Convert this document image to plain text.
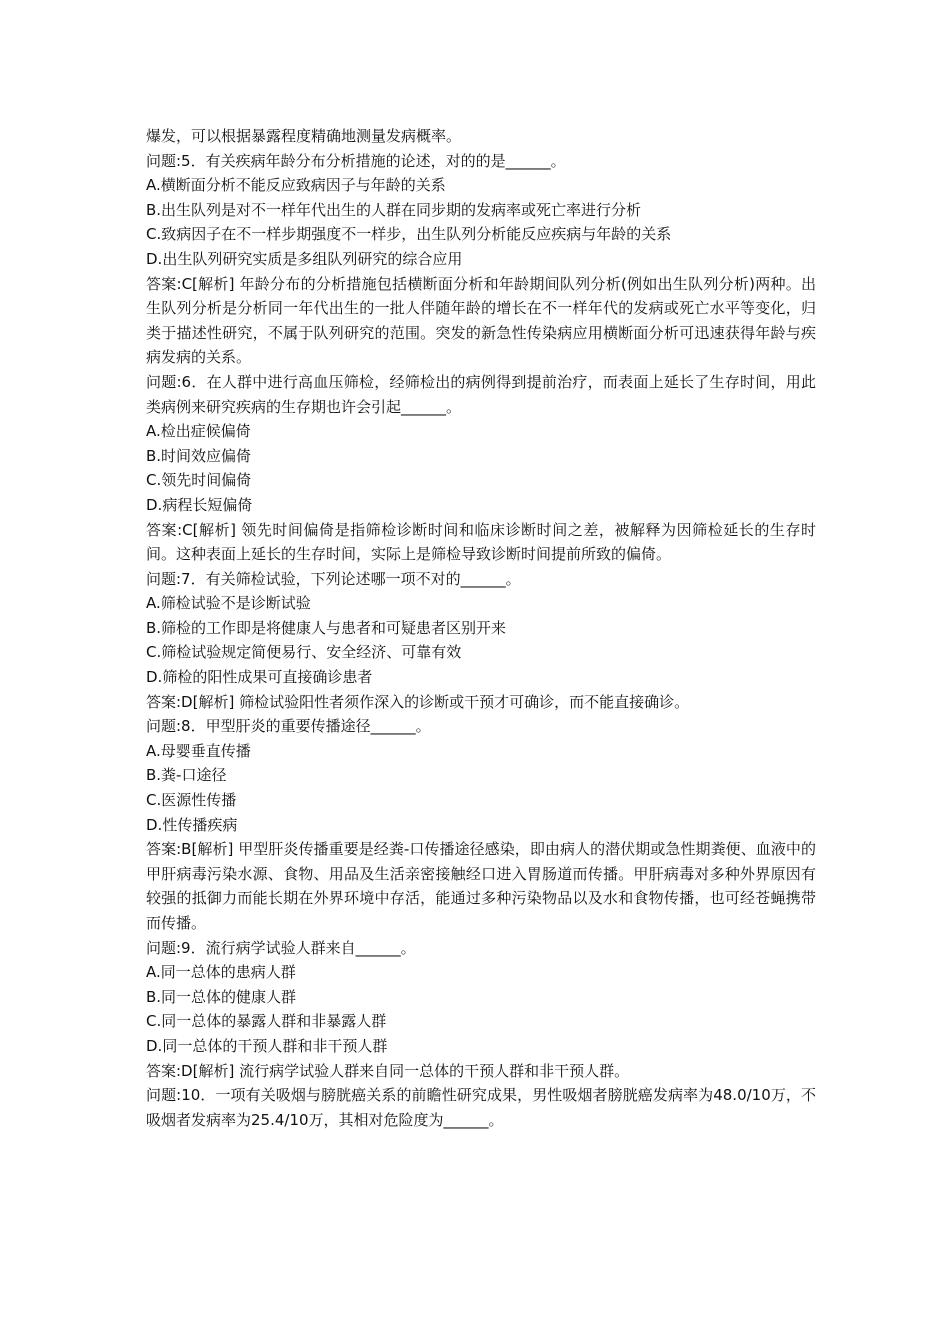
爆发，可以根据暴露程度精确地测量发病概率。

问题:5．有关疾病年龄分布分析措施的论述，对的的是______。

A.横断面分析不能反应致病因子与年龄的关系

B.出生队列是对不一样年代出生的人群在同步期的发病率或死亡率进行分析

C.致病因子在不一样步期强度不一样步，出生队列分析能反应疾病与年龄的关系

D.出生队列研究实质是多组队列研究的综合应用

答案:C[解析] 年龄分布的分析措施包括横断面分析和年龄期间队列分析(例如出生队列分析)两种。出生队列分析是分析同一年代出生的一批人伴随年龄的增长在不一样年代的发病或死亡水平等变化，归类于描述性研究，不属于队列研究的范围。突发的新急性传染病应用横断面分析可迅速获得年龄与疾病发病的关系。

问题:6．在人群中进行高血压筛检，经筛检出的病例得到提前治疗，而表面上延长了生存时间，用此类病例来研究疾病的生存期也许会引起______。

A.检出症候偏倚

B.时间效应偏倚

C.领先时间偏倚

D.病程长短偏倚

答案:C[解析] 领先时间偏倚是指筛检诊断时间和临床诊断时间之差，被解释为因筛检延长的生存时间。这种表面上延长的生存时间，实际上是筛检导致诊断时间提前所致的偏倚。

问题:7．有关筛检试验，下列论述哪一项不对的______。

A.筛检试验不是诊断试验

B.筛检的工作即是将健康人与患者和可疑患者区别开来

C.筛检试验规定简便易行、安全经济、可靠有效

D.筛检的阳性成果可直接确诊患者

答案:D[解析] 筛检试验阳性者须作深入的诊断或干预才可确诊，而不能直接确诊。

问题:8．甲型肝炎的重要传播途径______。

A.母婴垂直传播

B.粪-口途径

C.医源性传播

D.性传播疾病

答案:B[解析] 甲型肝炎传播重要是经粪-口传播途径感染，即由病人的潜伏期或急性期粪便、血液中的甲肝病毒污染水源、食物、用品及生活亲密接触经口进入胃肠道而传播。甲肝病毒对多种外界原因有较强的抵御力而能长期在外界环境中存活，能通过多种污染物品以及水和食物传播，也可经苍蝇携带而传播。

问题:9．流行病学试验人群来自______。

A.同一总体的患病人群

B.同一总体的健康人群

C.同一总体的暴露人群和非暴露人群

D.同一总体的干预人群和非干预人群

答案:D[解析] 流行病学试验人群来自同一总体的干预人群和非干预人群。

问题:10．一项有关吸烟与膀胱癌关系的前瞻性研究成果，男性吸烟者膀胱癌发病率为48.0/10万，不吸烟者发病率为25.4/10万，其相对危险度为______。
